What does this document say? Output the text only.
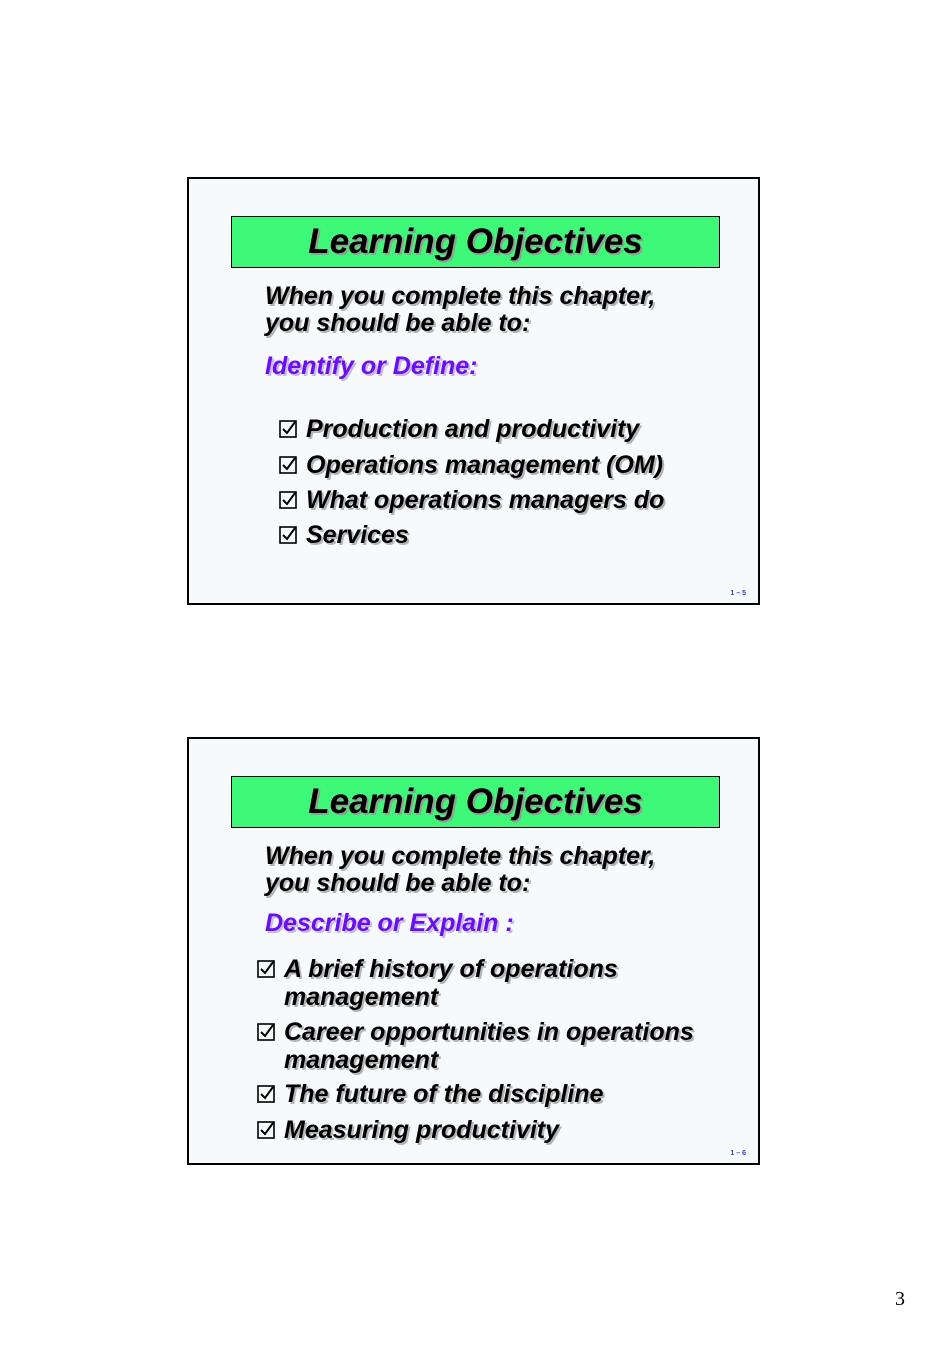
Learning Objectives
When you complete this chapter,
you should be able to:
Identify or Define:
Production and productivity
Operations management (OM)
What operations managers do
Services
1 – 5
Learning Objectives
When you complete this chapter,
you should be able to:
Describe or Explain :
A brief history of operations management
Career opportunities in operations management
The future of the discipline
Measuring productivity
1 – 6
3
